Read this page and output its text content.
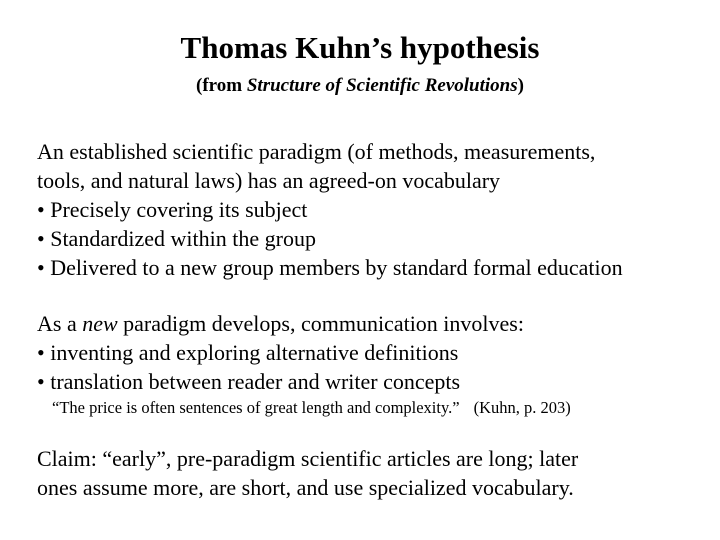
Thomas Kuhn’s hypothesis
(from Structure of Scientific Revolutions)
An established scientific paradigm (of methods, measurements,
tools, and natural laws) has an agreed-on vocabulary
• Precisely covering its subject
• Standardized within the group
• Delivered to a new group members by standard formal education
As a new paradigm develops, communication involves:
• inventing and exploring alternative definitions
• translation between reader and writer concepts
“The price is often sentences of great length and complexity.” (Kuhn, p. 203)
Claim: “early”, pre-paradigm scientific articles are long; later
ones assume more, are short, and use specialized vocabulary.
